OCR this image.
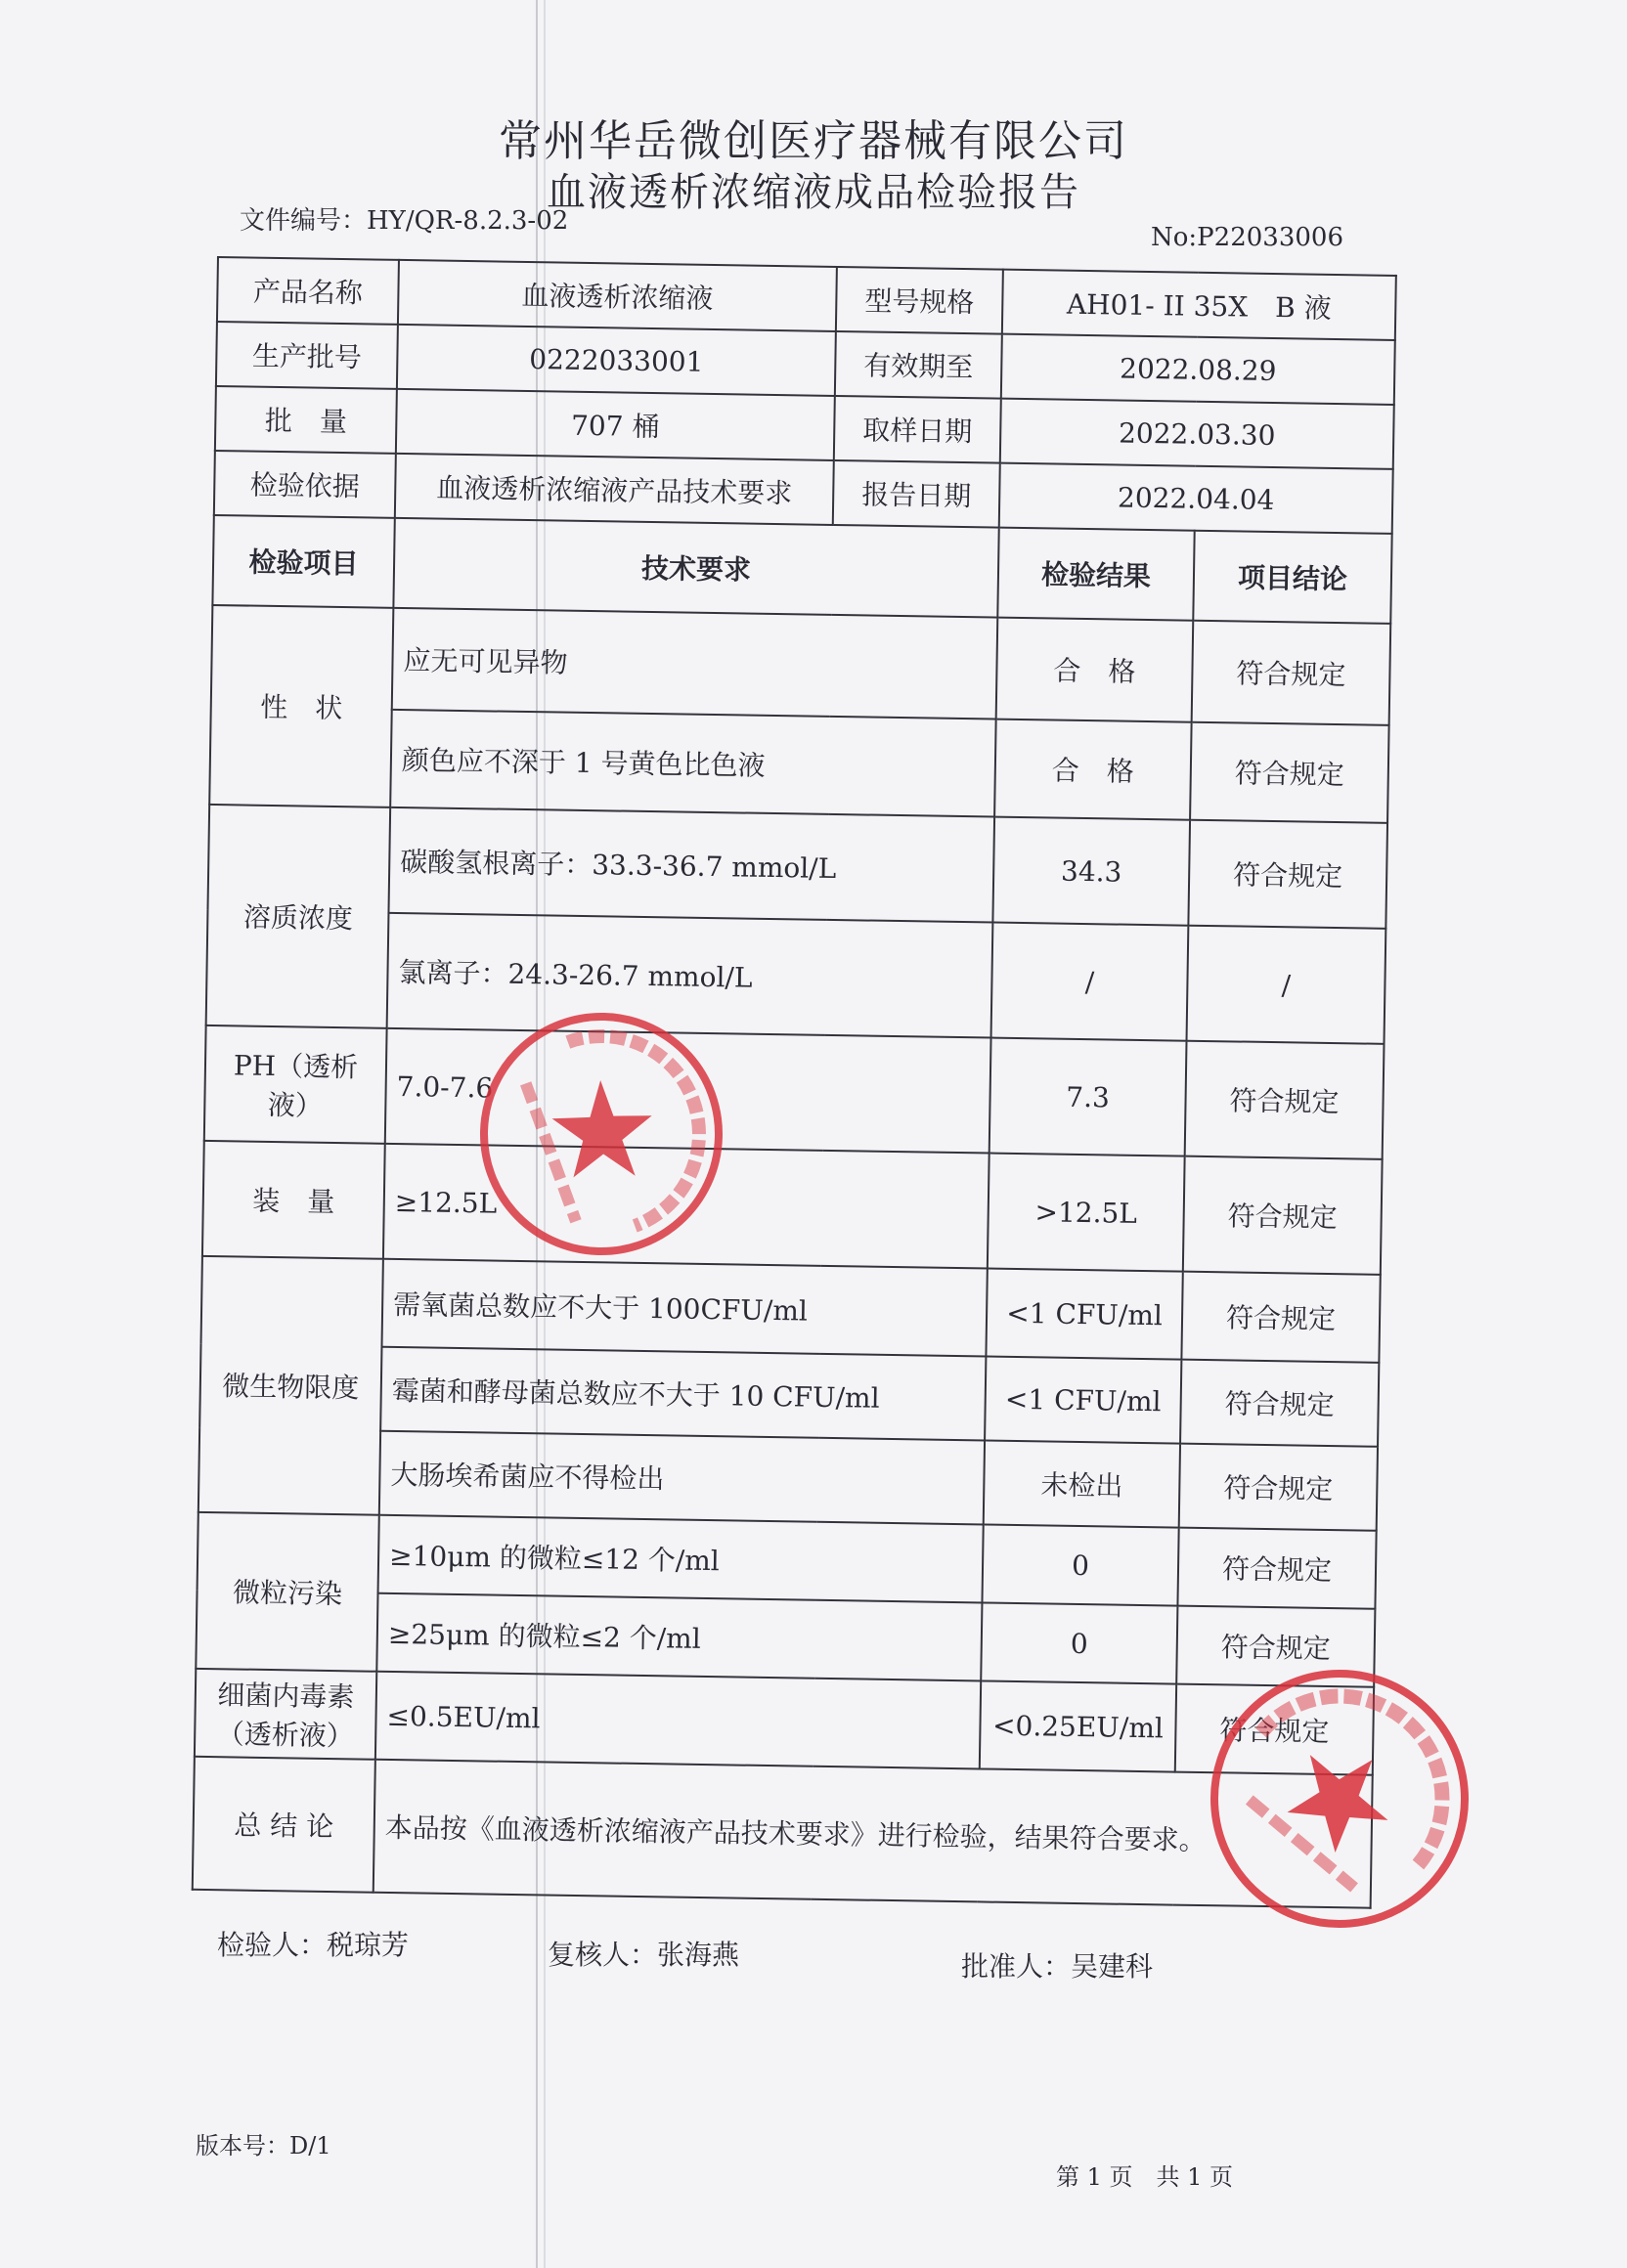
常州华岳微创医疗器械有限公司
血液透析浓缩液成品检验报告
文件编号：HY/QR-8.2.3-02
No:P22033006
产品名称	血液透析浓缩液	型号规格	AH01- II 35X　B 液	
生产批号	0222033001	有效期至	2022.08.29	
批　量	707 桶	取样日期	2022.03.30	
检验依据	血液透析浓缩液产品技术要求	报告日期	2022.04.04	
检验项目	技术要求		检验结果	项目结论
性　状	应无可见异物		合　格	符合规定
	颜色应不深于 1 号黄色比色液		合　格	符合规定
溶质浓度	碳酸氢根离子：33.3-36.7 mmol/L		34.3	符合规定
	氯离子：24.3-26.7 mmol/L		/	/
PH（透析液）	7.0-7.6		7.3	符合规定
装　量	≥12.5L		>12.5L	符合规定
微生物限度	需氧菌总数应不大于 100CFU/ml		<1 CFU/ml	符合规定
	霉菌和酵母菌总数应不大于 10 CFU/ml		<1 CFU/ml	符合规定
	大肠埃希菌应不得检出		未检出	符合规定
微粒污染	≥10μm 的微粒≤12 个/ml		0	符合规定
	≥25μm 的微粒≤2 个/ml		0	符合规定
细菌内毒素（透析液）	≤0.5EU/ml		<0.25EU/ml	符合规定
总 结 论	本品按《血液透析浓缩液产品技术要求》进行检验，结果符合要求。			
检验人：税琼芳	复核人：张海燕	批准人：吴建科
版本号：D/1
第 1 页　共 1 页
